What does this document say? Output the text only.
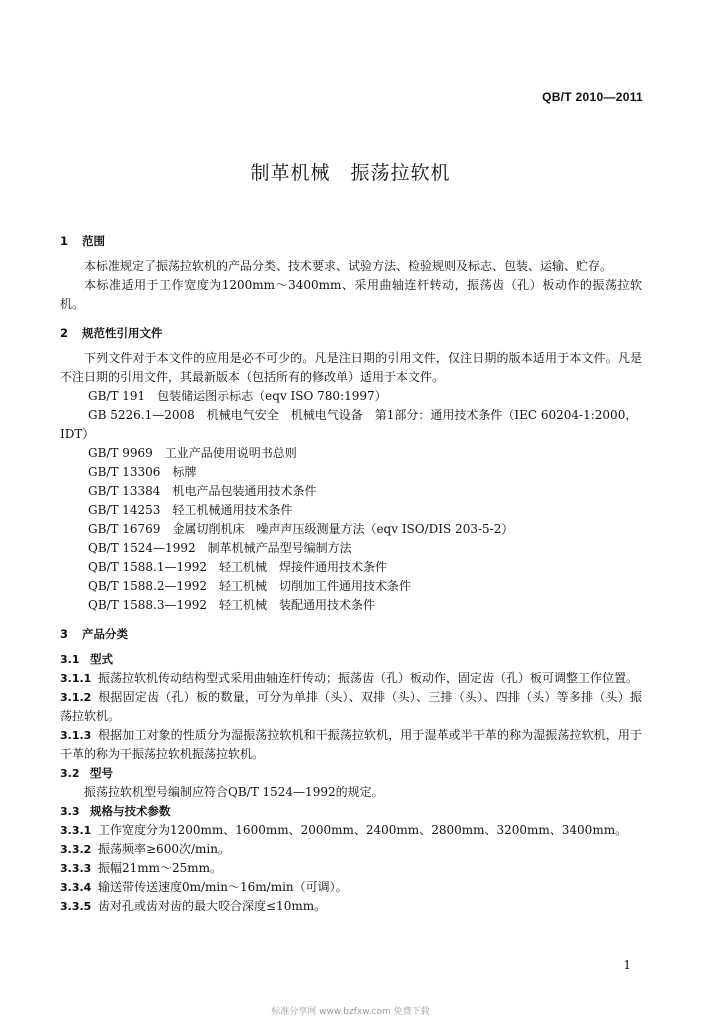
QB/T 2010—2011
制革机械　振荡拉软机
1 范围

本标准规定了振荡拉软机的产品分类、技术要求、试验方法、检验规则及标志、包装、运输、贮存。

本标准适用于工作宽度为1200mm～3400mm、采用曲轴连杆转动，振荡齿（孔）板动作的振荡拉软机。

2 规范性引用文件

下列文件对于本文件的应用是必不可少的。凡是注日期的引用文件，仅注日期的版本适用于本文件。凡是不注日期的引用文件，其最新版本（包括所有的修改单）适用于本文件。

GB/T 191　包装储运图示标志（eqv ISO 780:1997）

GB 5226.1—2008　机械电气安全　机械电气设备　第1部分：通用技术条件（IEC 60204-1:2000，IDT）

GB/T 9969　工业产品使用说明书总则

GB/T 13306　标牌

GB/T 13384　机电产品包装通用技术条件

GB/T 14253　轻工机械通用技术条件

GB/T 16769　金属切削机床　噪声声压级测量方法（eqv ISO/DIS 203-5-2）

QB/T 1524—1992　制革机械产品型号编制方法

QB/T 1588.1—1992　轻工机械　焊接件通用技术条件

QB/T 1588.2—1992　轻工机械　切削加工件通用技术条件

QB/T 1588.3—1992　轻工机械　装配通用技术条件

3 产品分类

3.1 型式

3.1.1 振荡拉软机传动结构型式采用曲轴连杆传动；振荡齿（孔）板动作，固定齿（孔）板可调整工作位置。

3.1.2 根据固定齿（孔）板的数量，可分为单排（头）、双排（头）、三排（头）、四排（头）等多排（头）振荡拉软机。

3.1.3 根据加工对象的性质分为湿振荡拉软机和干振荡拉软机，用于湿革或半干革的称为湿振荡拉软机，用于干革的称为干振荡拉软机振荡拉软机。

3.2 型号

振荡拉软机型号编制应符合QB/T 1524—1992的规定。

3.3 规格与技术参数

3.3.1 工作宽度分为1200mm、1600mm、2000mm、2400mm、2800mm、3200mm、3400mm。

3.3.2 振荡频率≥600次/min。

3.3.3 振幅21mm～25mm。

3.3.4 输送带传送速度0m/min～16m/min（可调）。

3.3.5 齿对孔或齿对齿的最大咬合深度≤10mm。

1
标准分享网 www.bzfxw.com 免费下载
